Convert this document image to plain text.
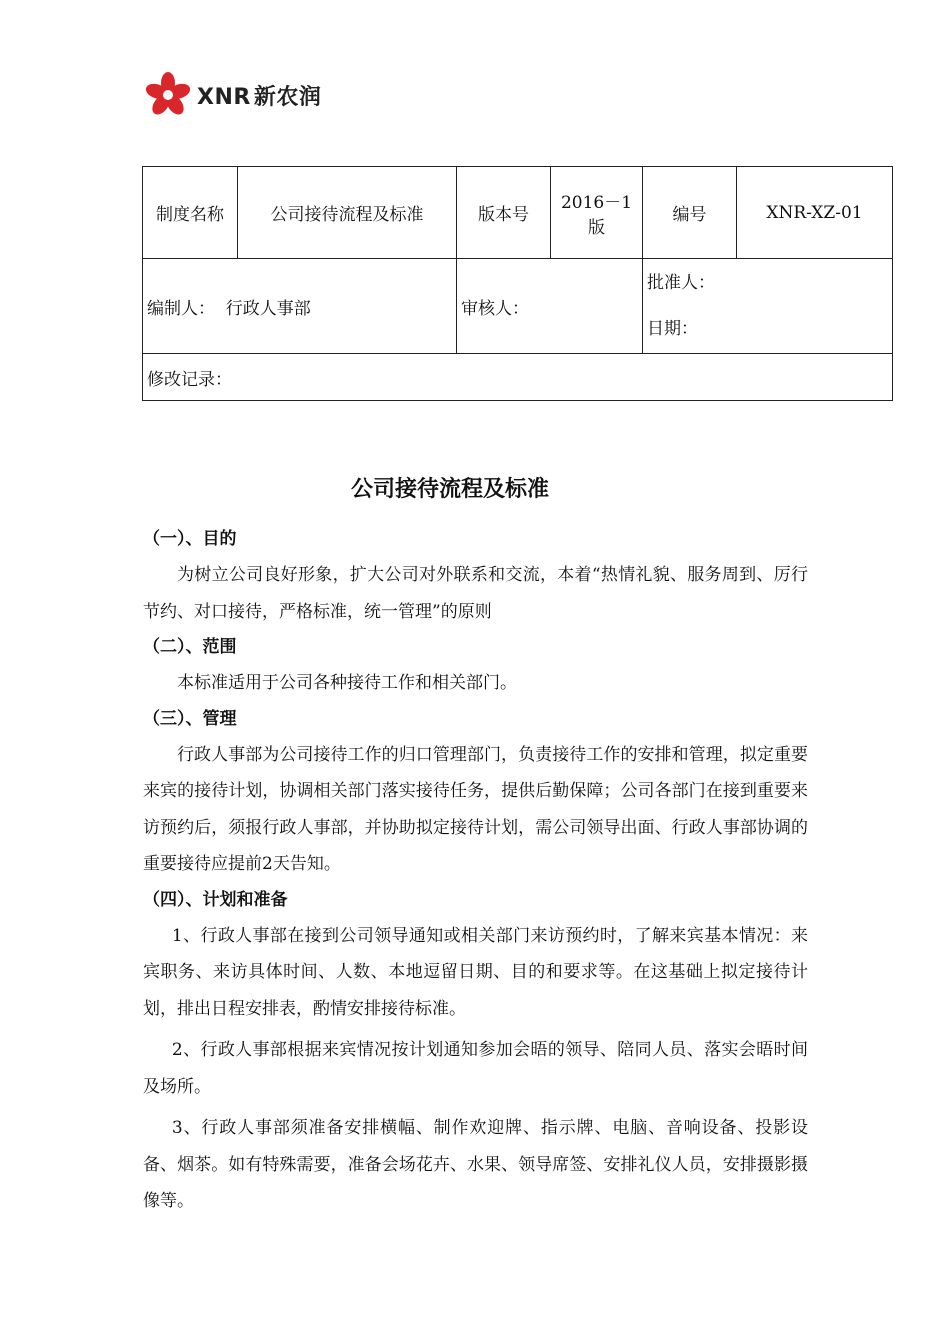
XNR 新农润
制度名称	公司接待流程及标准	版本号	2016－1版	编号	XNR-XZ-01
编制人：  行政人事部		审核人：		批准人：
日期：	

修改记录：					
公司接待流程及标准
（一）、目的

为树立公司良好形象，扩大公司对外联系和交流，本着“热情礼貌、服务周到、厉行节约、对口接待，严格标准，统一管理”的原则

（二）、范围

本标准适用于公司各种接待工作和相关部门。

（三）、管理

行政人事部为公司接待工作的归口管理部门，负责接待工作的安排和管理，拟定重要来宾的接待计划，协调相关部门落实接待任务，提供后勤保障；公司各部门在接到重要来访预约后，须报行政人事部，并协助拟定接待计划，需公司领导出面、行政人事部协调的重要接待应提前2天告知。

（四）、计划和准备

1、行政人事部在接到公司领导通知或相关部门来访预约时，了解来宾基本情况：来宾职务、来访具体时间、人数、本地逗留日期、目的和要求等。在这基础上拟定接待计划，排出日程安排表，酌情安排接待标准。

2、行政人事部根据来宾情况按计划通知参加会晤的领导、陪同人员、落实会晤时间及场所。

3、行政人事部须准备安排横幅、制作欢迎牌、指示牌、电脑、音响设备、投影设备、烟茶。如有特殊需要，准备会场花卉、水果、领导席签、安排礼仪人员，安排摄影摄像等。
